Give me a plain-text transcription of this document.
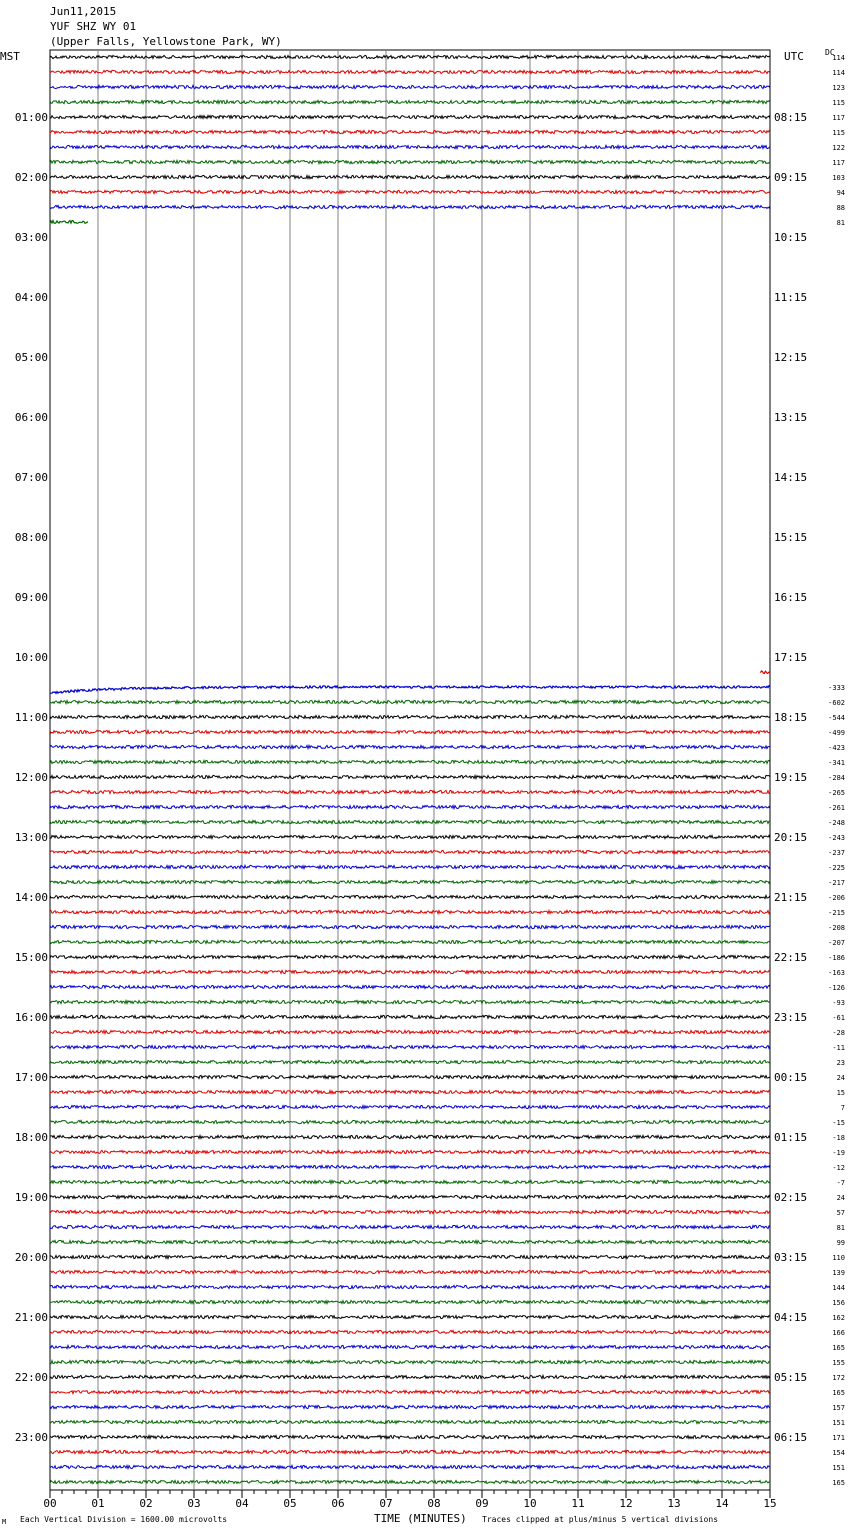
Jun11,2015
YUF SHZ WY 01
(Upper Falls, Yellowstone Park, WY)
MST	UTC	DC
01:00
02:00
03:00
04:00
05:00
06:00
07:00
08:00
09:00
10:00
11:00
12:00
13:00
14:00
15:00
16:00
17:00
18:00
19:00
20:00
21:00
22:00
23:00
08:15
09:15
10:15
11:15
12:15
13:15
14:15
15:15
16:15
17:15
18:15
19:15
20:15
21:15
22:15
23:15
00:15
01:15
02:15
03:15
04:15
05:15
06:15
114
114
123
115
117
115
122
117
103
94
88
81
-333
-602
-544
-499
-423
-341
-284
-265
-261
-248
-243
-237
-225
-217
-206
-215
-208
-207
-186
-163
-126
-93
-61
-28
-11
23
24
15
7
-15
-18
-19
-12
-7
24
57
81
99
110
139
144
156
162
166
165
155
172
165
157
151
171
154
151
165
00	01	02	03	04	05	06	07	08	09	10	11	12	13	14	15
M Each Vertical Division = 1600.00 microvolts	TIME (MINUTES) Traces clipped at plus/minus 5 vertical divisions
